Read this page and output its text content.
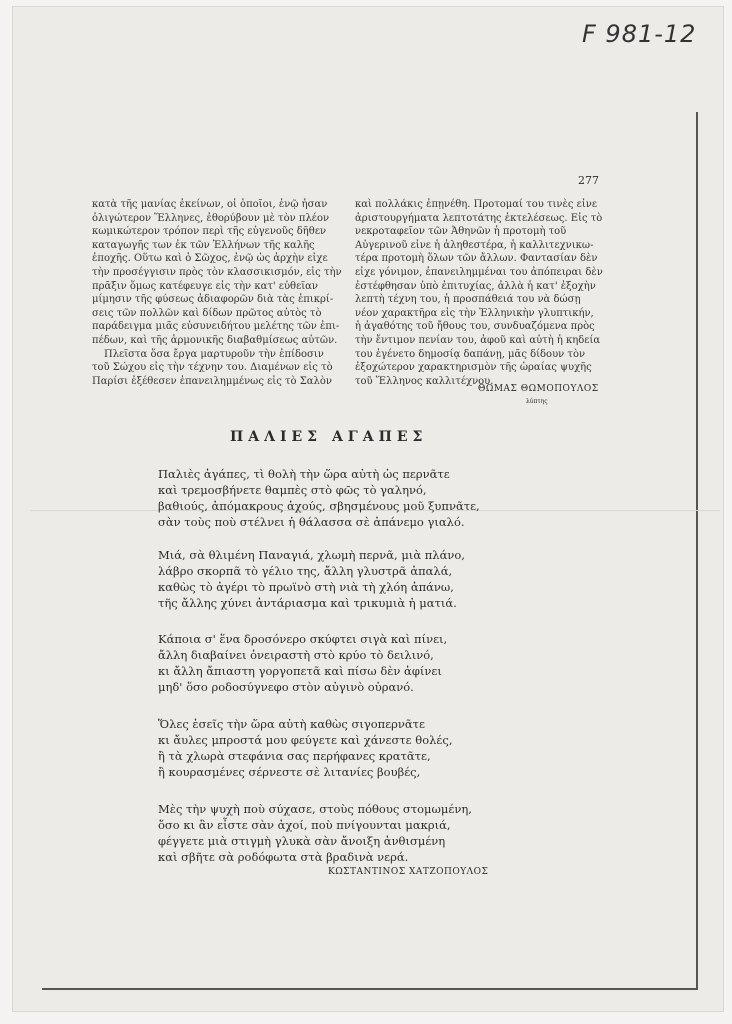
F 981-12
277
κατὰ τῆς μανίας ἐκείνων, οἱ ὁποῖοι, ἐνῷ ἦσαν
ὀλιγώτερον Ἕλληνες, ἐθορύβουν μὲ τὸν πλέον
κωμικώτερον τρόπον περὶ τῆς εὐγενοῦς δῆθεν
καταγωγῆς των ἐκ τῶν Ἑλλήνων τῆς καλῆς
ἐποχῆς. Οὕτω καὶ ὁ Σῶχος, ἐνῷ ὡς ἀρχὴν εἶχε
τὴν προσέγγισιν πρὸς τὸν κλασσικισμόν, εἰς τὴν
πρᾶξιν ὅμως κατέφευγε εἰς τὴν κατ' εὐθεῖαν
μίμησιν τῆς φύσεως ἀδιαφορῶν διὰ τὰς ἐπικρί-
σεις τῶν πολλῶν καὶ δίδων πρῶτος αὐτὸς τὸ
παράδειγμα μιᾶς εὐσυνειδήτου μελέτης τῶν ἐπι-
πέδων, καὶ τῆς ἁρμονικῆς διαβαθμίσεως αὐτῶν.
Πλεῖστα ὅσα ἔργα μαρτυροῦν τὴν ἐπίδοσιν
τοῦ Σώχου εἰς τὴν τέχνην του. Διαμένων εἰς τὸ
Παρίσι ἐξέθεσεν ἐπανειλημμένως εἰς τὸ Σαλὸν
καὶ πολλάκις ἐπῃνέθη. Προτομαί του τινὲς εἶνε
ἀριστουργήματα λεπτοτάτης ἐκτελέσεως. Εἰς τὸ
νεκροταφεῖον τῶν Ἀθηνῶν ἡ προτομὴ τοῦ
Αὐγερινοῦ εἶνε ἡ ἀληθεστέρα, ἡ καλλιτεχνικω-
τέρα προτομὴ ὅλων τῶν ἄλλων. Φαντασίαν δὲν
εἶχε γόνιμον, ἐπανειλημμέναι του ἀπόπειραι δὲν
ἐστέφθησαν ὑπὸ ἐπιτυχίας, ἀλλὰ ἡ κατ' ἐξοχὴν
λεπτὴ τέχνη του, ἡ προσπάθειά του νὰ δώσῃ
νέον χαρακτῆρα εἰς τὴν Ἑλληνικὴν γλυπτικήν,
ἡ ἀγαθότης τοῦ ἤθους του, συνδυαζόμενα πρὸς
τὴν ἔντιμον πενίαν του, ἀφοῦ καὶ αὐτὴ ἡ κηδεία
του ἐγένετο δημοσίᾳ δαπάνῃ, μᾶς δίδουν τὸν
ἐξοχώτερον χαρακτηρισμὸν τῆς ὡραίας ψυχῆς
τοῦ Ἕλληνος καλλιτέχνου.
ΘΩΜΑΣ ΘΩΜΟΠΟΥΛΟΣ
λύπτης
ΠΑΛΙΕΣ ΑΓΑΠΕΣ
Παλιὲς ἀγάπες, τὶ θολὴ τὴν ὥρα αὐτὴ ὡς περνᾶτε
καὶ τρεμοσβήνετε θαμπὲς στὸ φῶς τὸ γαληνό,
βαθιούς, ἀπόμακρους ἀχούς, σβησμένους μοῦ ξυπνᾶτε,
σὰν τοὺς ποὺ στέλνει ἡ θάλασσα σὲ ἀπάνεμο γιαλό.
Μιά, σὰ θλιμένη Παναγιά, χλωμὴ περνᾶ, μιὰ πλάνο,
λάβρο σκορπᾶ τὸ γέλιο της, ἄλλη γλυστρᾶ ἁπαλά,
καθὼς τὸ ἀγέρι τὸ πρωϊνὸ στὴ νιὰ τὴ χλόη ἀπάνω,
τῆς ἄλλης χύνει ἀντάριασμα καὶ τρικυμιὰ ἡ ματιά.
Κάποια σ' ἕνα δροσόνερο σκύφτει σιγὰ καὶ πίνει,
ἄλλη διαβαίνει ὀνειραστὴ στὸ κρύο τὸ δειλινό,
κι ἄλλη ἄπιαστη γοργοπετᾶ καὶ πίσω δὲν ἀφίνει
μηδ' ὅσο ροδοσύγνεφο στὸν αὐγινὸ οὐρανό.
Ὅλες ἐσεῖς τὴν ὥρα αὐτὴ καθὼς σιγοπερνᾶτε
κι ἄυλες μπροστά μου φεύγετε καὶ χάνεστε θολές,
ἢ τὰ χλωρὰ στεφάνια σας περήφανες κρατᾶτε,
ἢ κουρασμένες σέρνεστε σὲ λιτανίες βουβές,
Μὲς τὴν ψυχὴ ποὺ σύχασε, στοὺς πόθους στομωμένη,
ὅσο κι ἂν εἶστε σὰν ἀχοί, ποὺ πνίγουνται μακριά,
φέγγετε μιὰ στιγμὴ γλυκὰ σὰν ἄνοιξη ἀνθισμένη
καὶ σβῆτε σὰ ροδόφωτα στὰ βραδινὰ νερά.
ΚΩΣΤΑΝΤΙΝΟΣ ΧΑΤΖΟΠΟΥΛΟΣ
